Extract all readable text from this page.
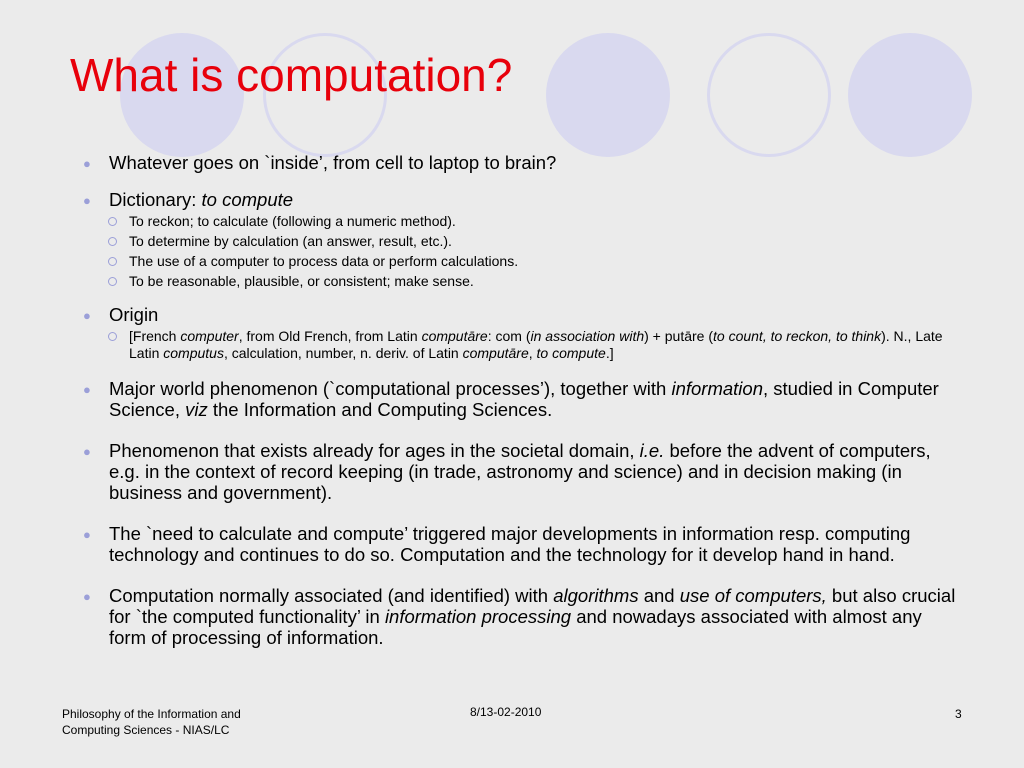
What is computation?
● Whatever goes on `inside’, from cell to laptop to brain?
● Dictionary: to compute
To reckon; to calculate (following a numeric method).
To determine by calculation (an answer, result, etc.).
The use of a computer to process data or perform calculations.
To be reasonable, plausible, or consistent; make sense.
● Origin
[French computer, from Old French, from Latin computāre: com (in association with) + putāre (to count, to reckon, to think). N., Late Latin computus, calculation, number, n. deriv. of Latin computāre, to compute.]
● Major world phenomenon (`computational processes’), together with information, studied in Computer Science, viz the Information and Computing Sciences.
● Phenomenon that exists already for ages in the societal domain, i.e. before the advent of computers, e.g. in the context of record keeping (in trade, astronomy and science) and in decision making (in business and government).
● The `need to calculate and compute’ triggered major developments in information resp. computing technology and continues to do so. Computation and the technology for it develop hand in hand.
● Computation normally associated (and identified) with algorithms and use of computers, but also crucial for `the computed functionality’ in information processing and nowadays associated with almost any form of processing of information.
Philosophy of the Information and
Computing Sciences - NIAS/LC
8/13-02-2010	3
